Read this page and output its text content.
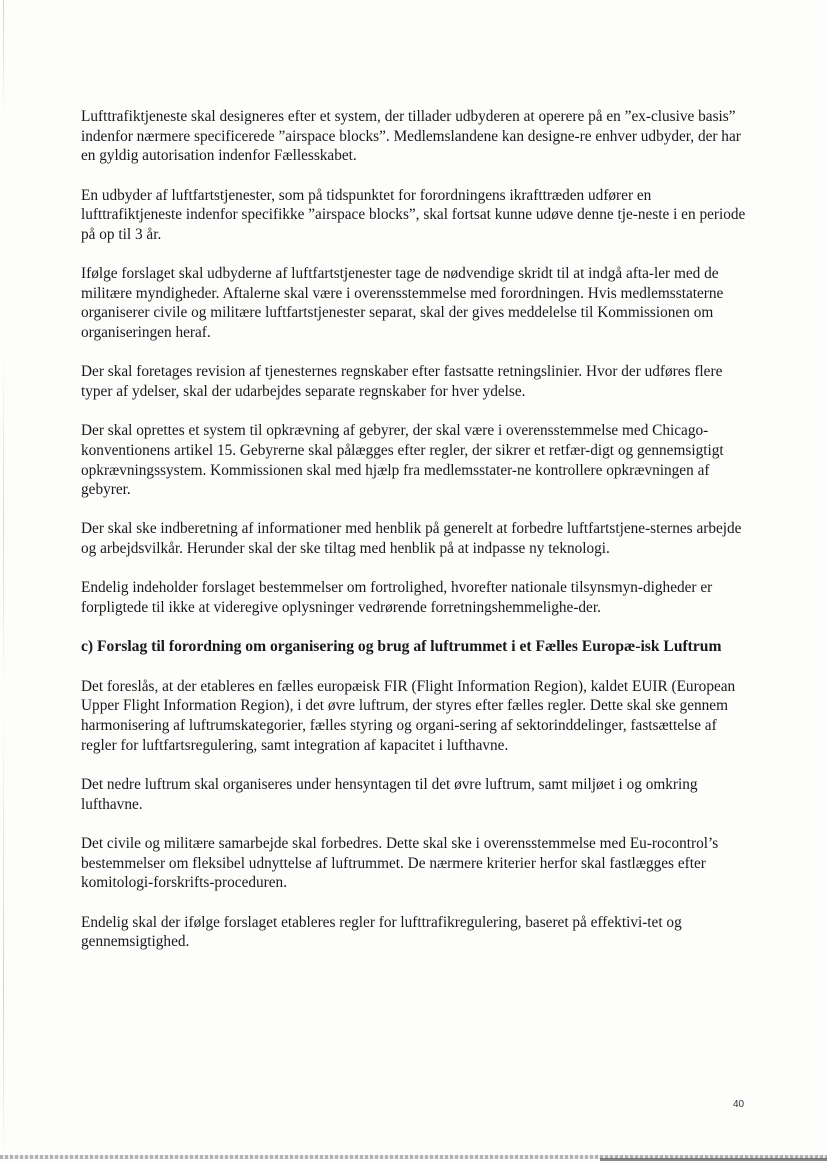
Lufttrafiktjeneste skal designeres efter et system, der tillader udbyderen at operere på en ”ex-clusive basis” indenfor nærmere specificerede ”airspace blocks”. Medlemslandene kan designe-re enhver udbyder, der har en gyldig autorisation indenfor Fællesskabet.

En udbyder af luftfartstjenester, som på tidspunktet for forordningens ikrafttræden udfører en lufttrafiktjeneste indenfor specifikke ”airspace blocks”, skal fortsat kunne udøve denne tje-neste i en periode på op til 3 år.

Ifølge forslaget skal udbyderne af luftfartstjenester tage de nødvendige skridt til at indgå afta-ler med de militære myndigheder. Aftalerne skal være i overensstemmelse med forordningen. Hvis medlemsstaterne organiserer civile og militære luftfartstjenester separat, skal der gives meddelelse til Kommissionen om organiseringen heraf.

Der skal foretages revision af tjenesternes regnskaber efter fastsatte retningslinier. Hvor der udføres flere typer af ydelser, skal der udarbejdes separate regnskaber for hver ydelse.

Der skal oprettes et system til opkrævning af gebyrer, der skal være i overensstemmelse med Chicago-konventionens artikel 15. Gebyrerne skal pålægges efter regler, der sikrer et retfær-digt og gennemsigtigt opkrævningssystem. Kommissionen skal med hjælp fra medlemsstater-ne kontrollere opkrævningen af gebyrer.

Der skal ske indberetning af informationer med henblik på generelt at forbedre luftfartstjene-sternes arbejde og arbejdsvilkår. Herunder skal der ske tiltag med henblik på at indpasse ny teknologi.

Endelig indeholder forslaget bestemmelser om fortrolighed, hvorefter nationale tilsynsmyn-digheder er forpligtede til ikke at videregive oplysninger vedrørende forretningshemmelighe-der.

c) Forslag til forordning om organisering og brug af luftrummet i et Fælles Europæ-isk Luftrum

Det foreslås, at der etableres en fælles europæisk FIR (Flight Information Region), kaldet EUIR (European Upper Flight Information Region), i det øvre luftrum, der styres efter fælles regler. Dette skal ske gennem harmonisering af luftrumskategorier, fælles styring og organi-sering af sektorinddelinger, fastsættelse af regler for luftfartsregulering, samt integration af kapacitet i lufthavne.

Det nedre luftrum skal organiseres under hensyntagen til det øvre luftrum, samt miljøet i og omkring lufthavne.

Det civile og militære samarbejde skal forbedres. Dette skal ske i overensstemmelse med Eu-rocontrol’s bestemmelser om fleksibel udnyttelse af luftrummet. De nærmere kriterier herfor skal fastlægges efter komitologi-forskrifts-proceduren.

Endelig skal der ifølge forslaget etableres regler for lufttrafikregulering, baseret på effektivi-tet og gennemsigtighed.

40
